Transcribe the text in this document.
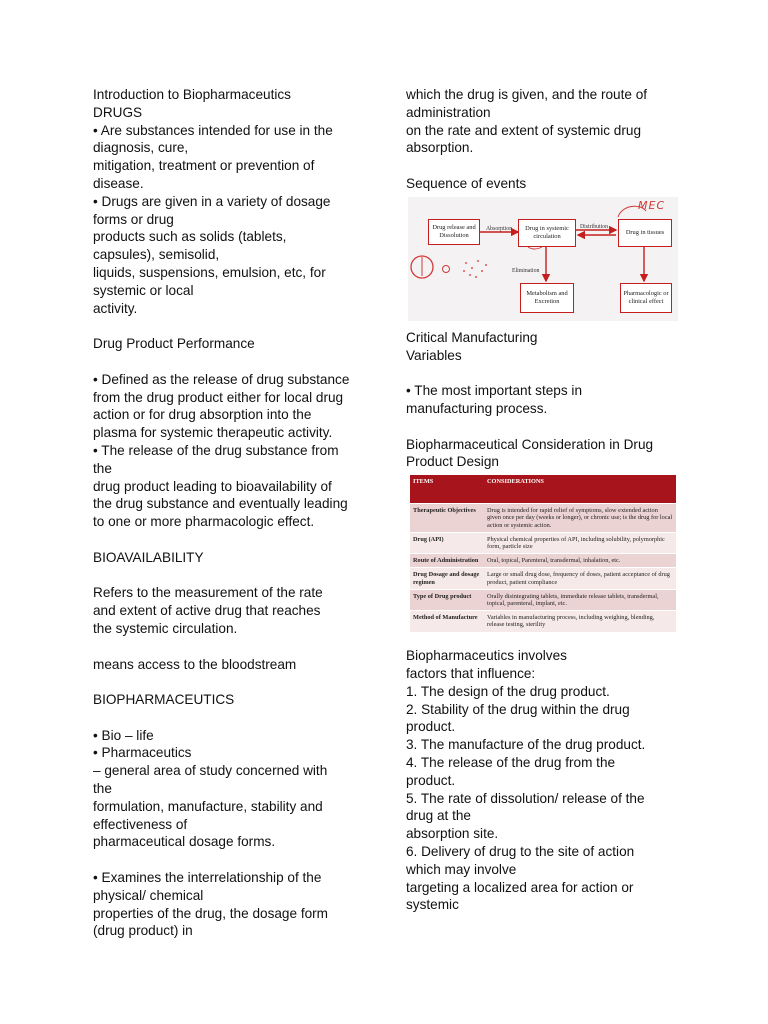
Introduction to Biopharmaceutics
DRUGS
• Are substances intended for use in the
diagnosis, cure,
mitigation, treatment or prevention of
disease.
• Drugs are given in a variety of dosage
forms or drug
products such as solids (tablets,
capsules), semisolid,
liquids, suspensions, emulsion, etc, for
systemic or local
activity.
Drug Product Performance
• Defined as the release of drug substance
from the drug product either for local drug
action or for drug absorption into the
plasma for systemic therapeutic activity.
• The release of the drug substance from
the
drug product leading to bioavailability of
the drug substance and eventually leading
to one or more pharmacologic effect.
BIOAVAILABILITY
Refers to the measurement of the rate
and extent of active drug that reaches
the systemic circulation.
means access to the bloodstream
BIOPHARMACEUTICS
• Bio – life
• Pharmaceutics
– general area of study concerned with
the
formulation, manufacture, stability and
effectiveness of
pharmaceutical dosage forms.
• Examines the interrelationship of the
physical/ chemical
properties of the drug, the dosage form
(drug product) in
which the drug is given, and the route of
administration
on the rate and extent of systemic drug
absorption.
Sequence of events
Drug release and Dissolution
Drug in systemic circulation
Drug in tissues
Metabolism and Excretion
Pharmacologic or clinical effect
Absorption	Distribution
Elimination
MEC
Critical Manufacturing
Variables
• The most important steps in
manufacturing process.
Biopharmaceutical Consideration in Drug
Product Design
ITEMS	CONSIDERATIONS
Therapeutic Objectives	Drug is intended for rapid relief of symptoms, slow extended action given once per day (weeks or longer), or chronic use; is the drug for local action or systemic action.
Drug (API)	Physical chemical properties of API, including solubility, polymorphic form, particle size
Route of Administration	Oral, topical, Parenteral, transdermal, inhalation, etc.
Drug Dosage and dosage regimen	Large or small drug dose, frequency of doses, patient acceptance of drug product, patient compliance
Type of Drug product	Orally disintegrating tablets, immediate release tablets, transdermal, topical, parenteral, implant, etc.
Method of Manufacture	Variables in manufacturing process, including weighing, blending, release testing, sterility
Biopharmaceutics involves
factors that influence:
1. The design of the drug product.
2. Stability of the drug within the drug
product.
3. The manufacture of the drug product.
4. The release of the drug from the
product.
5. The rate of dissolution/ release of the
drug at the
absorption site.
6. Delivery of drug to the site of action
which may involve
targeting a localized area for action or
systemic
